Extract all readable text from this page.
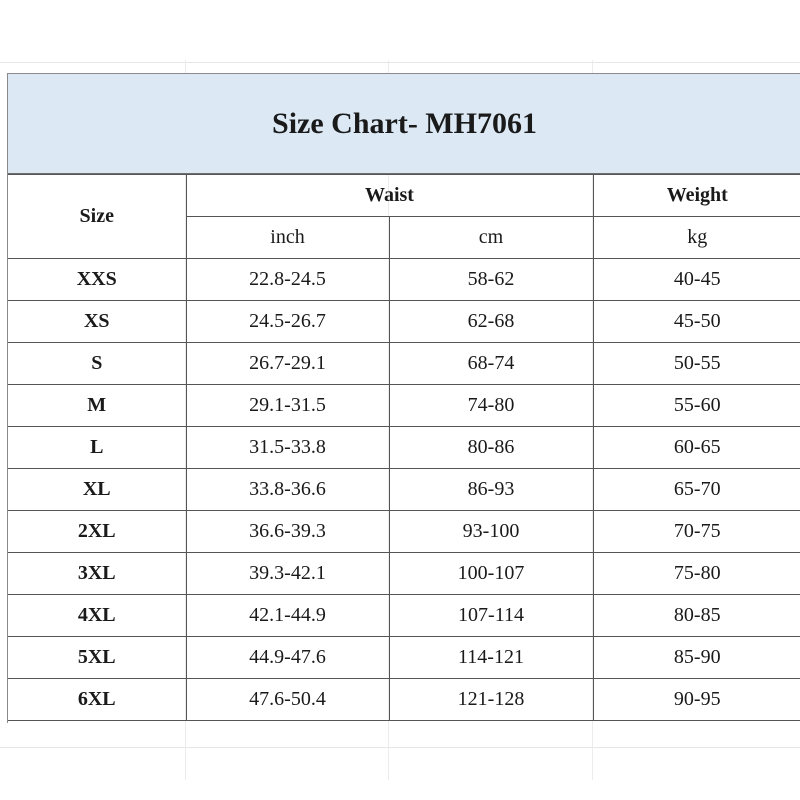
Size Chart- MH7061
Size	Waist		Weight
	inch	cm	kg
XXS	22.8-24.5	58-62	40-45
XS	24.5-26.7	62-68	45-50
S	26.7-29.1	68-74	50-55
M	29.1-31.5	74-80	55-60
L	31.5-33.8	80-86	60-65
XL	33.8-36.6	86-93	65-70
2XL	36.6-39.3	93-100	70-75
3XL	39.3-42.1	100-107	75-80
4XL	42.1-44.9	107-114	80-85
5XL	44.9-47.6	114-121	85-90
6XL	47.6-50.4	121-128	90-95
